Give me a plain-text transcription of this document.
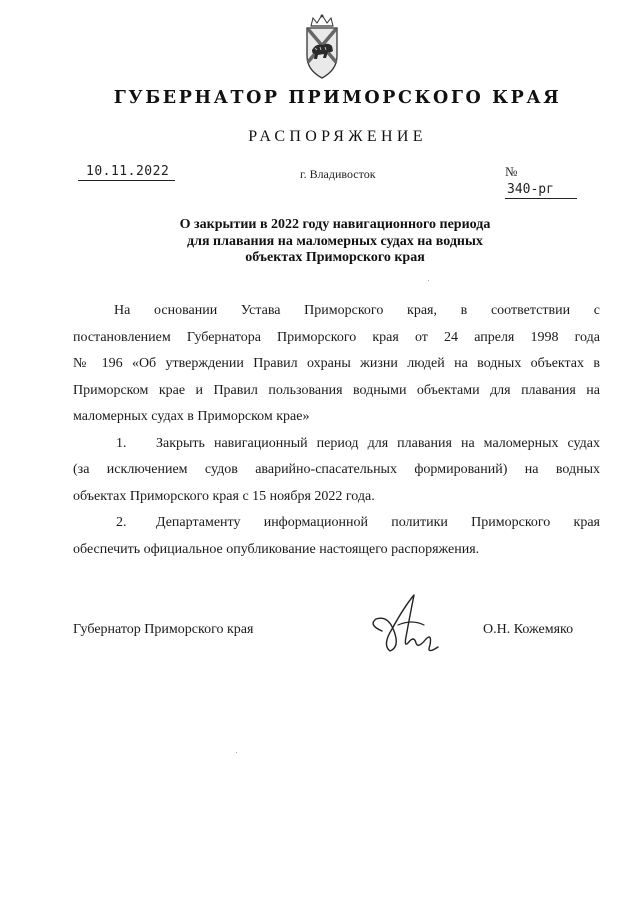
ГУБЕРНАТОР ПРИМОРСКОГО КРАЯ
РАСПОРЯЖЕНИЕ
10.11.2022	г. Владивосток	№ 340-рг
О закрытии в 2022 году навигационного периода
для плавания на маломерных судах на водных
объектах Приморского края
На основании Устава Приморского края, в соответствии с
постановлением Губернатора Приморского края от 24 апреля 1998 года
№ 196 «Об утверждении Правил охраны жизни людей на водных объектах в
Приморском крае и Правил пользования водными объектами для плавания на
маломерных судах в Приморском крае»
1.	Закрыть навигационный период для плавания на маломерных судах
(за исключением судов аварийно-спасательных формирований) на водных
объектах Приморского края с 15 ноября 2022 года.
2.	Департаменту информационной политики Приморского края
обеспечить официальное опубликование настоящего распоряжения.
Губернатор Приморского края	О.Н. Кожемяко
